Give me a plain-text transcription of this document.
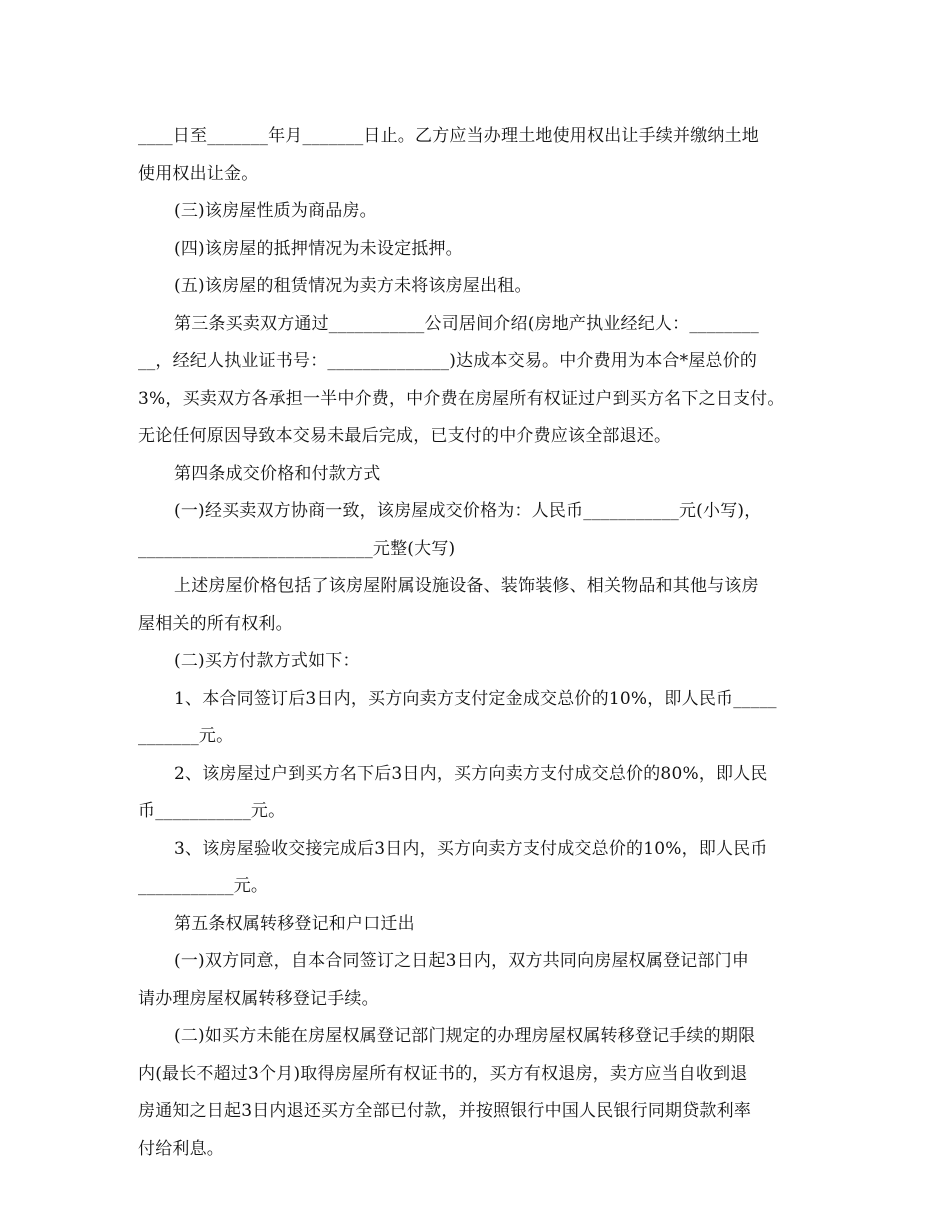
____日至_______年月_______日止。乙方应当办理土地使用权出让手续并缴纳土地
使用权出让金。
(三)该房屋性质为商品房。
(四)该房屋的抵押情况为未设定抵押。
(五)该房屋的租赁情况为卖方未将该房屋出租。
第三条买卖双方通过___________公司居间介绍(房地产执业经纪人：________
__，经纪人执业证书号：______________)达成本交易。中介费用为本合*屋总价的
3%，买卖双方各承担一半中介费，中介费在房屋所有权证过户到买方名下之日支付。
无论任何原因导致本交易未最后完成，已支付的中介费应该全部退还。
第四条成交价格和付款方式
(一)经买卖双方协商一致，该房屋成交价格为：人民币___________元(小写)，
___________________________元整(大写)
上述房屋价格包括了该房屋附属设施设备、装饰装修、相关物品和其他与该房
屋相关的所有权利。
(二)买方付款方式如下：
1、本合同签订后3日内，买方向卖方支付定金成交总价的10%，即人民币_____
_______元。
2、该房屋过户到买方名下后3日内，买方向卖方支付成交总价的80%，即人民
币___________元。
3、该房屋验收交接完成后3日内，买方向卖方支付成交总价的10%，即人民币
___________元。
第五条权属转移登记和户口迁出
(一)双方同意，自本合同签订之日起3日内，双方共同向房屋权属登记部门申
请办理房屋权属转移登记手续。
(二)如买方未能在房屋权属登记部门规定的办理房屋权属转移登记手续的期限
内(最长不超过3个月)取得房屋所有权证书的，买方有权退房，卖方应当自收到退
房通知之日起3日内退还买方全部已付款，并按照银行中国人民银行同期贷款利率
付给利息。
